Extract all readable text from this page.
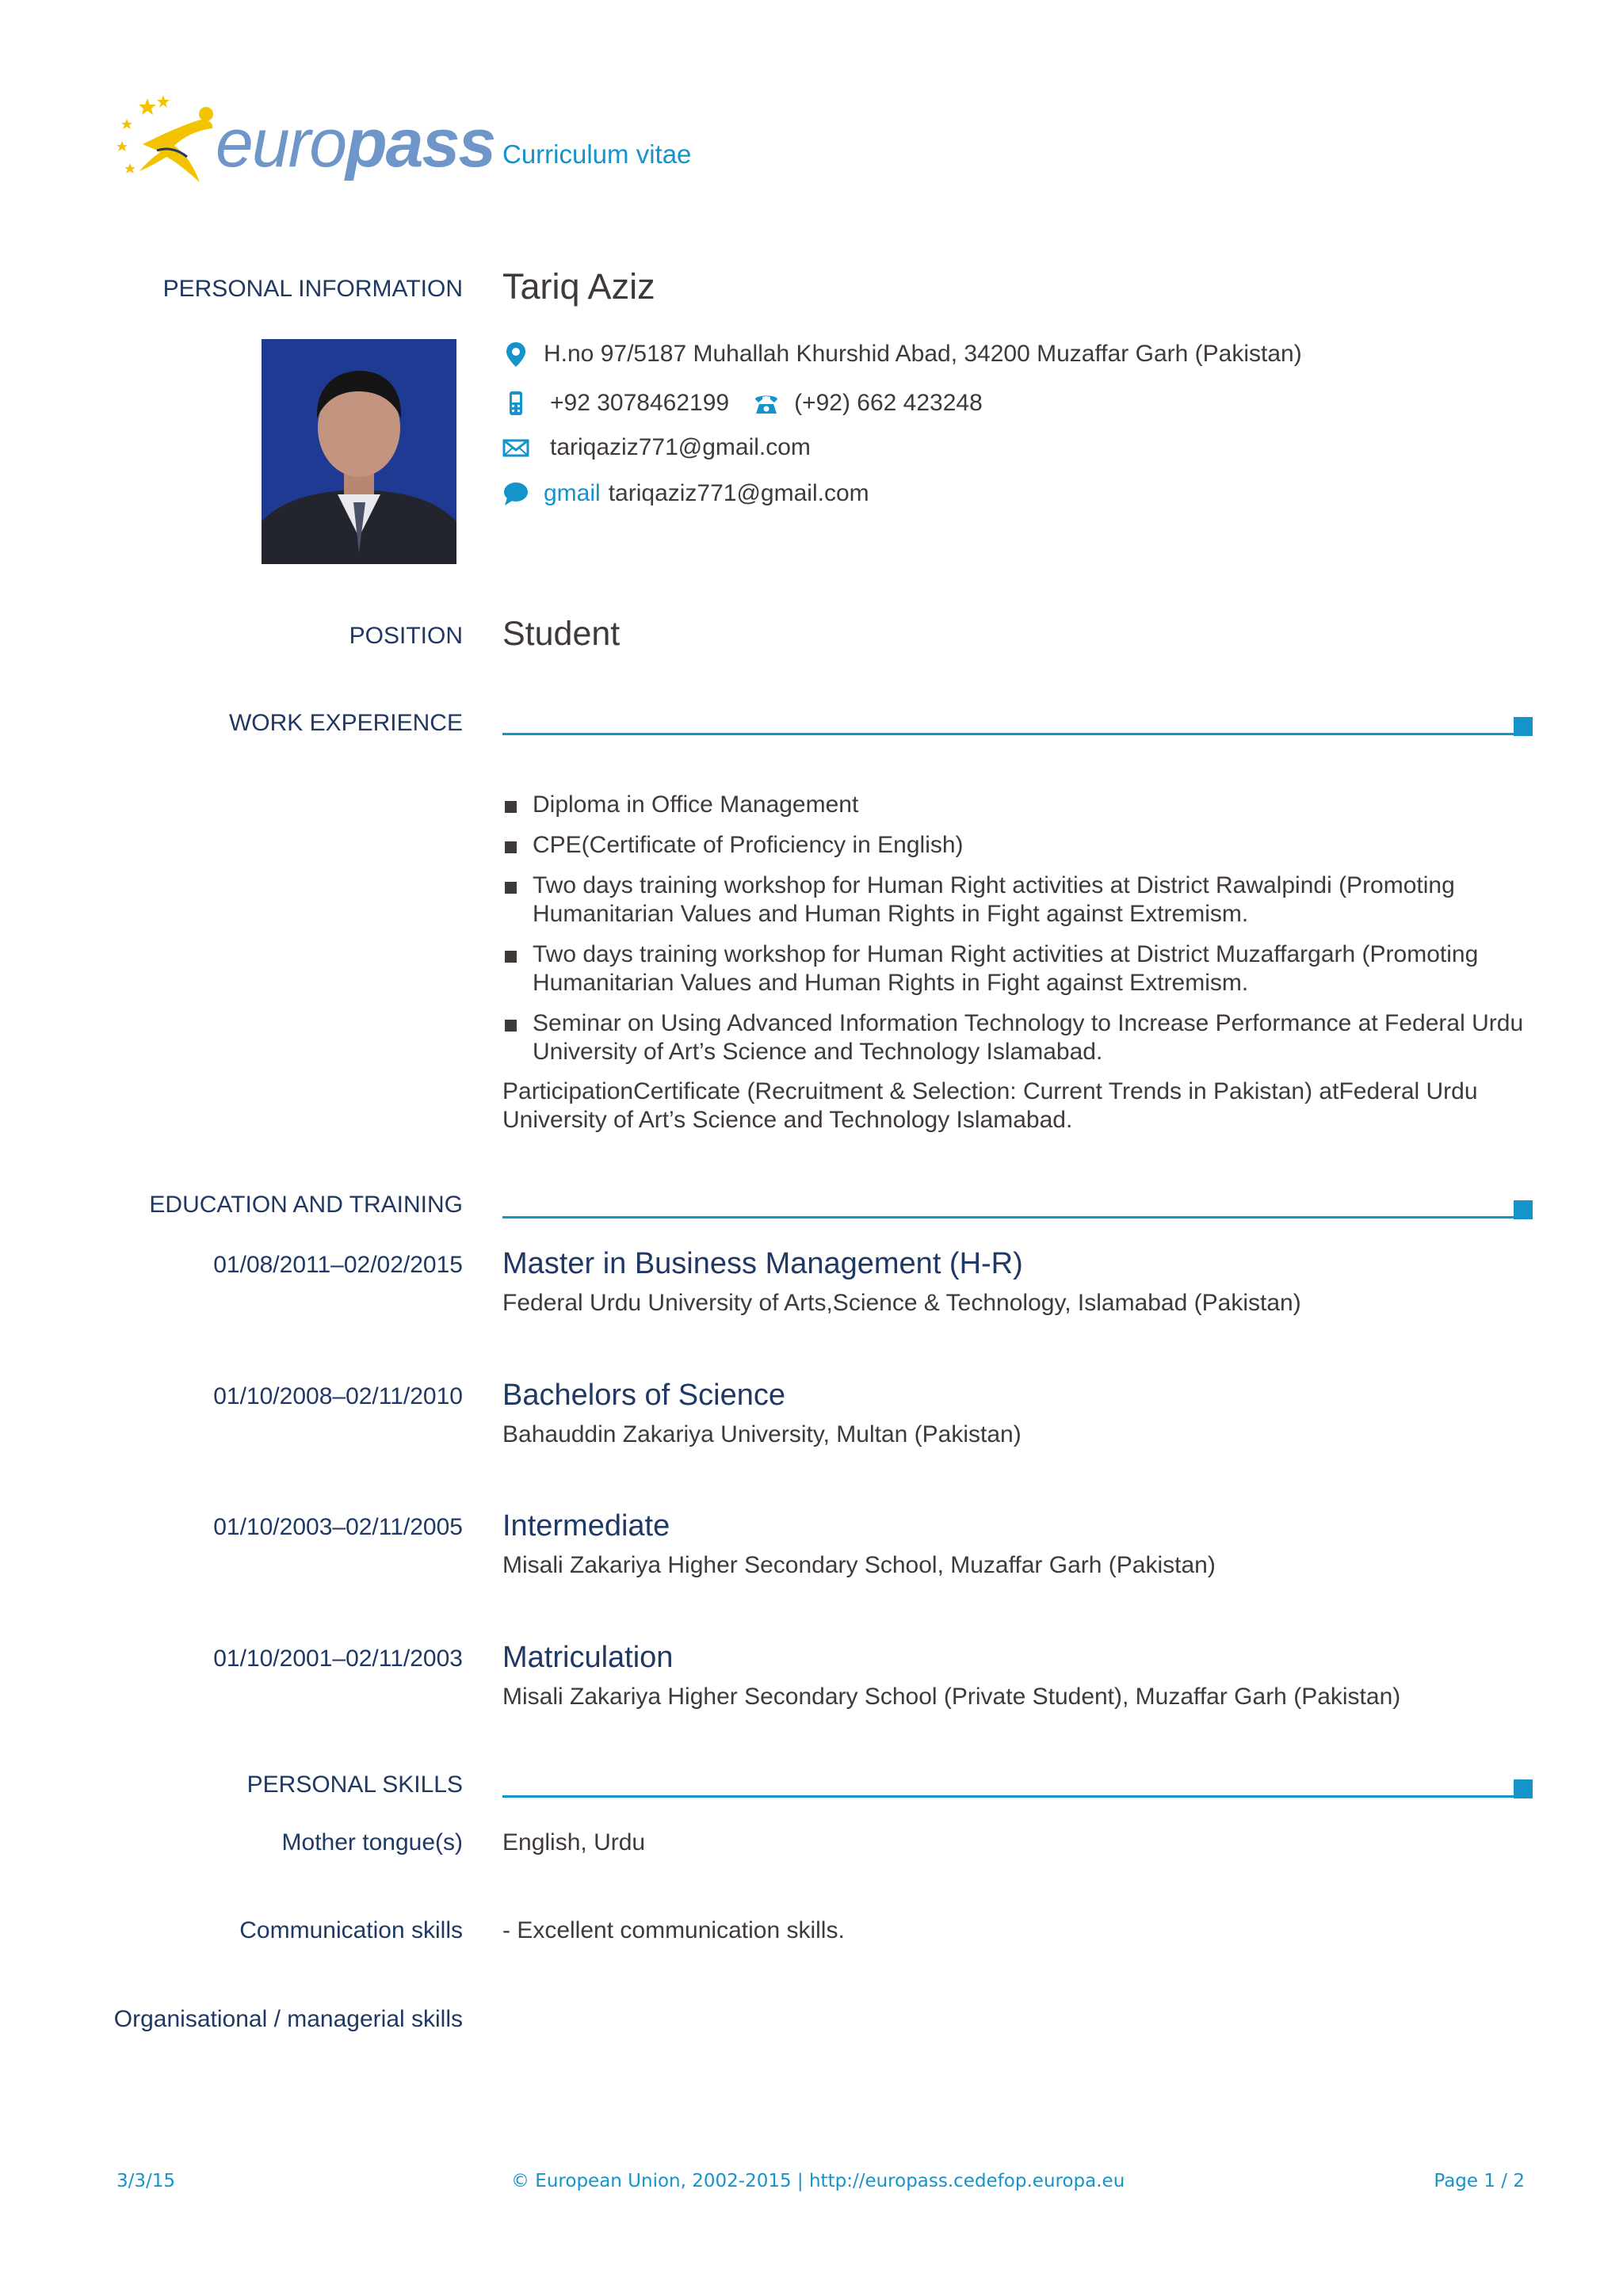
europass Curriculum vitae
PERSONAL INFORMATION Tariq Aziz
H.no 97/5187 Muhallah Khurshid Abad, 34200 Muzaffar Garh (Pakistan)
+92 3078462199	(+92) 662 423248
tariqaziz771@gmail.com
gmail tariqaziz771@gmail.com
POSITION Student
WORK EXPERIENCE
Diploma in Office Management
CPE(Certificate of Proficiency in English)
Two days training workshop for Human Right activities at District Rawalpindi (Promoting Humanitarian Values and Human Rights in Fight against Extremism.
Two days training workshop for Human Right activities at District Muzaffargarh (Promoting Humanitarian Values and Human Rights in Fight against Extremism.
Seminar on Using Advanced Information Technology to Increase Performance at Federal Urdu University of Art’s Science and Technology Islamabad.
ParticipationCertificate (Recruitment & Selection: Current Trends in Pakistan) atFederal Urdu University of Art’s Science and Technology Islamabad.
EDUCATION AND TRAINING
01/08/2011–02/02/2015 Master in Business Management (H-R)
Federal Urdu University of Arts,Science & Technology, Islamabad (Pakistan)
01/10/2008–02/11/2010 Bachelors of Science
Bahauddin Zakariya University, Multan (Pakistan)
01/10/2003–02/11/2005 Intermediate
Misali Zakariya Higher Secondary School, Muzaffar Garh (Pakistan)
01/10/2001–02/11/2003 Matriculation
Misali Zakariya Higher Secondary School (Private Student), Muzaffar Garh (Pakistan)
PERSONAL SKILLS
Mother tongue(s) English, Urdu
Communication skills - Excellent communication skills.
Organisational / managerial skills
3/3/15	© European Union, 2002-2015 | http://europass.cedefop.europa.eu	Page 1 / 2
